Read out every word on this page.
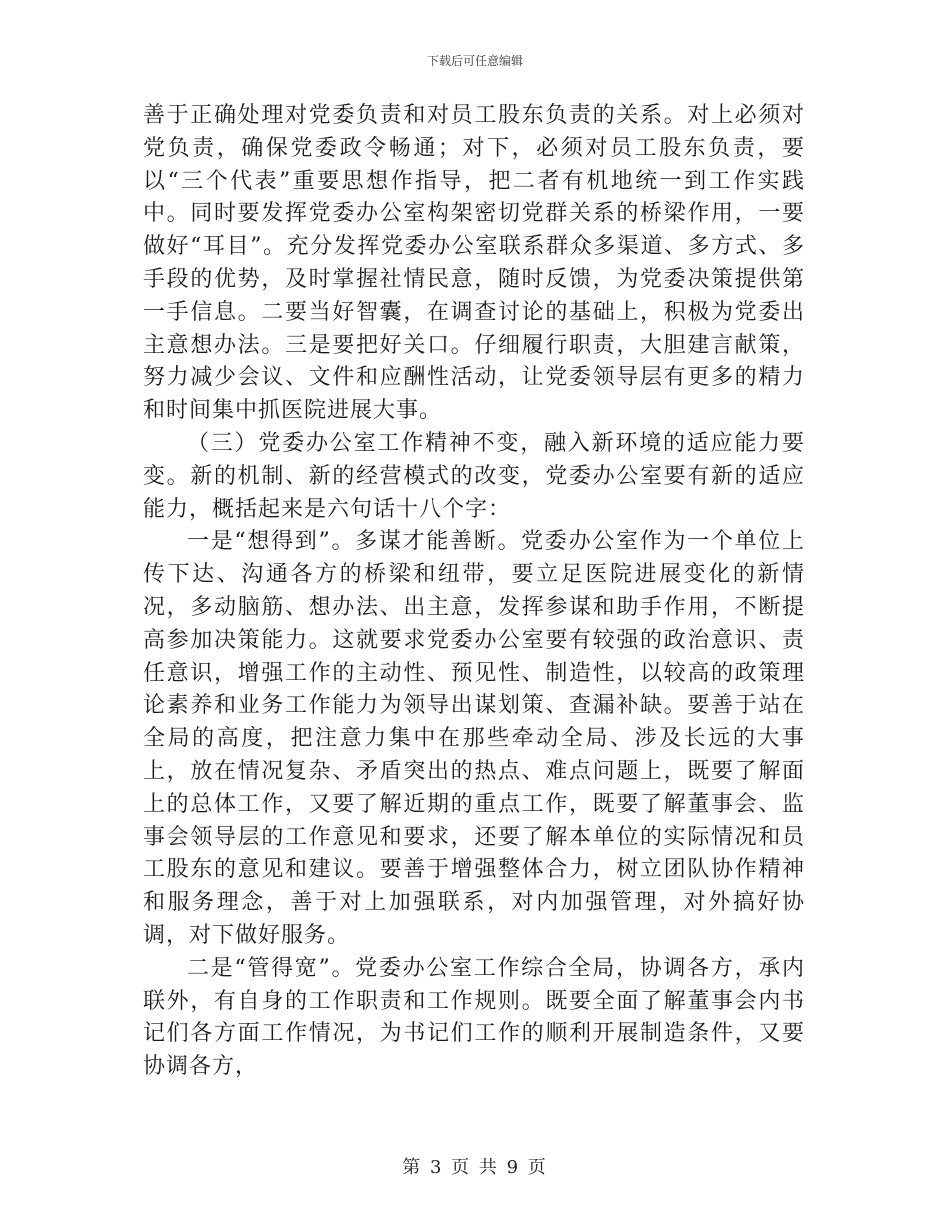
下载后可任意编辑

善于正确处理对党委负责和对员工股东负责的关系。对上必须对党负责，确保党委政令畅通；对下，必须对员工股东负责，要以“三个代表”重要思想作指导，把二者有机地统一到工作实践中。同时要发挥党委办公室构架密切党群关系的桥梁作用，一要做好“耳目”。充分发挥党委办公室联系群众多渠道、多方式、多手段的优势，及时掌握社情民意，随时反馈，为党委决策提供第一手信息。二要当好智囊，在调查讨论的基础上，积极为党委出主意想办法。三是要把好关口。仔细履行职责，大胆建言献策，努力减少会议、文件和应酬性活动，让党委领导层有更多的精力和时间集中抓医院进展大事。

（三）党委办公室工作精神不变，融入新环境的适应能力要变。新的机制、新的经营模式的改变，党委办公室要有新的适应能力，概括起来是六句话十八个字：

一是“想得到”。多谋才能善断。党委办公室作为一个单位上传下达、沟通各方的桥梁和纽带，要立足医院进展变化的新情况，多动脑筋、想办法、出主意，发挥参谋和助手作用，不断提高参加决策能力。这就要求党委办公室要有较强的政治意识、责任意识，增强工作的主动性、预见性、制造性，以较高的政策理论素养和业务工作能力为领导出谋划策、查漏补缺。要善于站在全局的高度，把注意力集中在那些牵动全局、涉及长远的大事上，放在情况复杂、矛盾突出的热点、难点问题上，既要了解面上的总体工作，又要了解近期的重点工作，既要了解董事会、监事会领导层的工作意见和要求，还要了解本单位的实际情况和员工股东的意见和建议。要善于增强整体合力，树立团队协作精神和服务理念，善于对上加强联系，对内加强管理，对外搞好协调，对下做好服务。

二是“管得宽”。党委办公室工作综合全局，协调各方，承内联外，有自身的工作职责和工作规则。既要全面了解董事会内书记们各方面工作情况，为书记们工作的顺利开展制造条件，又要协调各方，

第 3 页 共 9 页
